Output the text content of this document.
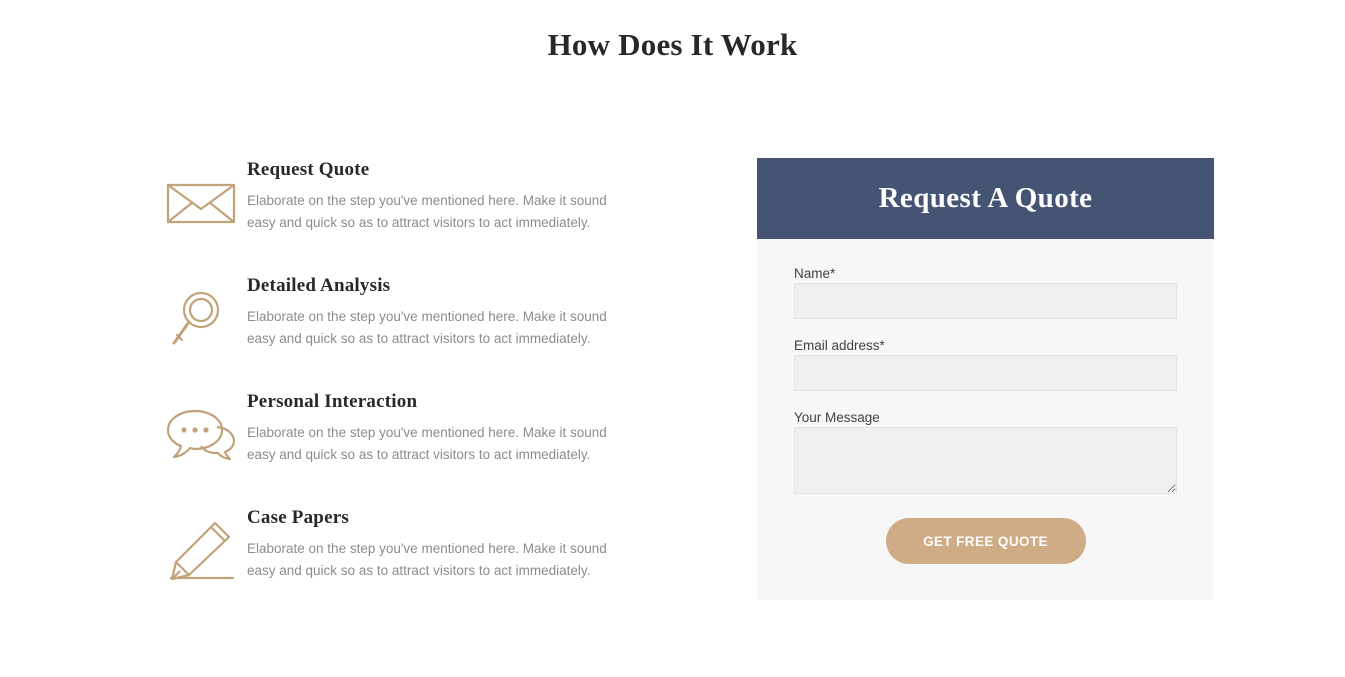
How Does It Work
Request Quote

Elaborate on the step you've mentioned here. Make it sound easy and quick so as to attract visitors to act immediately.

Detailed Analysis

Elaborate on the step you've mentioned here. Make it sound easy and quick so as to attract visitors to act immediately.

Personal Interaction

Elaborate on the step you've mentioned here. Make it sound easy and quick so as to attract visitors to act immediately.

Case Papers

Elaborate on the step you've mentioned here. Make it sound easy and quick so as to attract visitors to act immediately.

Request A Quote
Name*
Email address*
Your Message
GET FREE QUOTE
